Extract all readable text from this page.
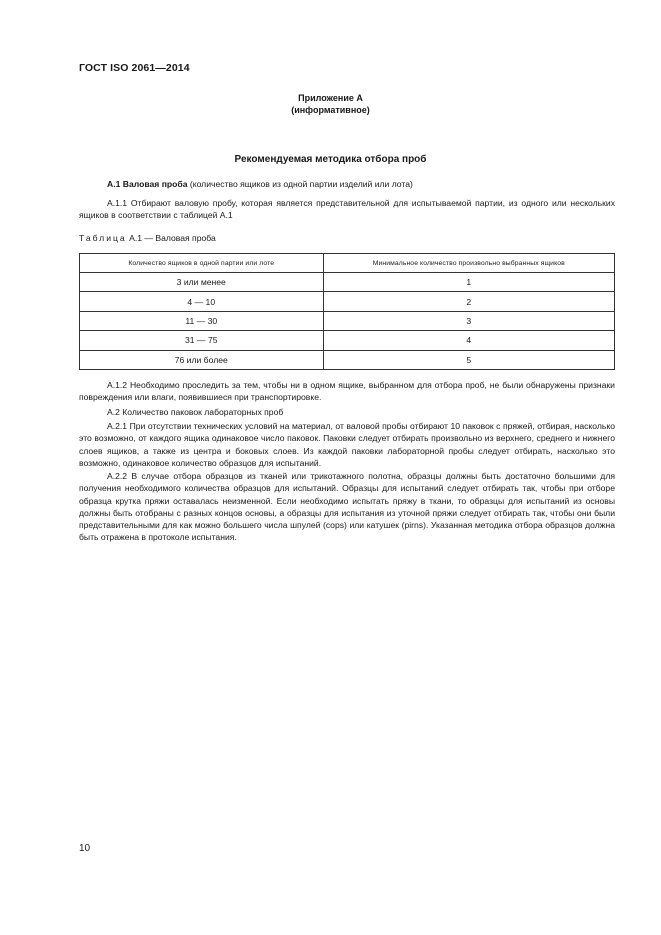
ГОСТ ISO 2061—2014
Приложение А
(информативное)
Рекомендуемая методика отбора проб
А.1 Валовая проба (количество ящиков из одной партии изделий или лота)
А.1.1 Отбирают валовую пробу, которая является представительной для испытываемой партии, из одного или нескольких ящиков в соответствии с таблицей А.1
Таблица А.1 — Валовая проба
Количество ящиков в одной партии или лоте	Минимальное количество произвольно выбранных ящиков
3 или менее	1
4 — 10	2
11 — 30	3
31 — 75	4
76 или более	5
А.1.2 Необходимо проследить за тем, чтобы ни в одном ящике, выбранном для отбора проб, не были обнаружены признаки повреждения или влаги, появившиеся при транспортировке.
А.2 Количество паковок лабораторных проб
А.2.1 При отсутствии технических условий на материал, от валовой пробы отбирают 10 паковок с пряжей, отбирая, насколько это возможно, от каждого ящика одинаковое число паковок. Паковки следует отбирать произвольно из верхнего, среднего и нижнего слоев ящиков, а также из центра и боковых слоев. Из каждой паковки лабораторной пробы следует отбирать, насколько это возможно, одинаковое количество образцов для испытаний.
А.2.2 В случае отбора образцов из тканей или трикотажного полотна, образцы должны быть достаточно большими для получения необходимого количества образцов для испытаний. Образцы для испытаний следует отбирать так, чтобы при отборе образца крутка пряжи оставалась неизменной. Если необходимо испытать пряжу в ткани, то образцы для испытаний из основы должны быть отобраны с разных концов основы, а образцы для испытания из уточной пряжи следует отбирать так, чтобы они были представительными для как можно большего числа шпулей (cops) или катушек (pirns). Указанная методика отбора образцов должна быть отражена в протоколе испытания.
10
